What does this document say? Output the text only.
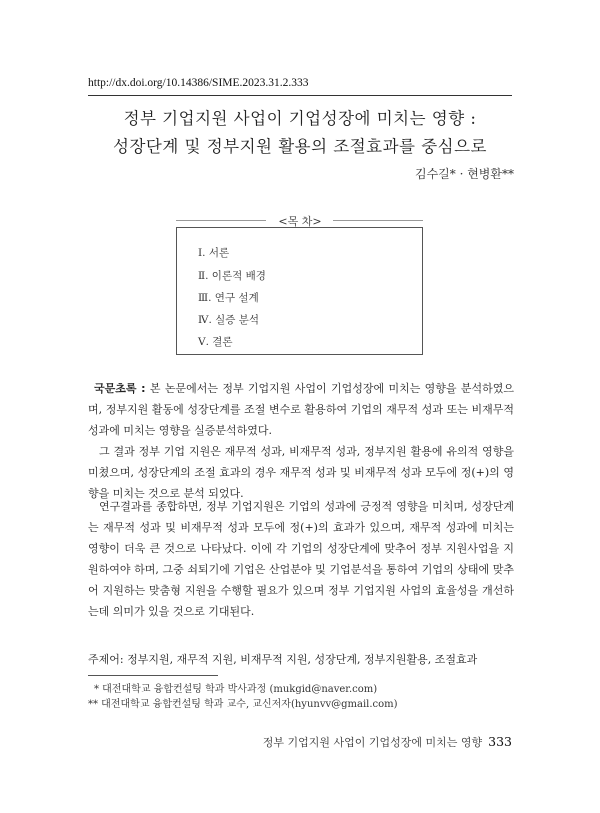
http://dx.doi.org/10.14386/SIME.2023.31.2.333
정부 기업지원 사업이 기업성장에 미치는 영향 :
성장단계 및 정부지원 활용의 조절효과를 중심으로
김수길* · 현병환**
<목 차>
Ⅰ. 서론
Ⅱ. 이론적 배경
Ⅲ. 연구 설계
Ⅳ. 실증 분석
Ⅴ. 결론
국문초록 : 본 논문에서는 정부 기업지원 사업이 기업성장에 미치는 영향을 분석하였으며, 정부지원 활동에 성장단계를 조절 변수로 활용하여 기업의 재무적 성과 또는 비재무적 성과에 미치는 영향을 실증분석하였다.
그 결과 정부 기업 지원은 재무적 성과, 비재무적 성과, 정부지원 활용에 유의적 영향을 미쳤으며, 성장단계의 조절 효과의 경우 재무적 성과 및 비재무적 성과 모두에 정(+)의 영향을 미치는 것으로 분석 되었다.
연구결과를 종합하면, 정부 기업지원은 기업의 성과에 긍정적 영향을 미치며, 성장단계는 재무적 성과 및 비재무적 성과 모두에 정(+)의 효과가 있으며, 재무적 성과에 미치는 영향이 더욱 큰 것으로 나타났다. 이에 각 기업의 성장단계에 맞추어 정부 지원사업을 지원하여야 하며, 그중 쇠퇴기에 기업은 산업분야 및 기업분석을 통하여 기업의 상태에 맞추어 지원하는 맞춤형 지원을 수행할 필요가 있으며 정부 기업지원 사업의 효율성을 개선하는데 의미가 있을 것으로 기대된다.
주제어: 정부지원, 재무적 지원, 비재무적 지원, 성장단계, 정부지원활용, 조절효과
* 대전대학교 융합컨설팅 학과 박사과정 (mukgid@naver.com)
** 대전대학교 융합컨설팅 학과 교수, 교신저자(hyunvv@gmail.com)
정부 기업지원 사업이 기업성장에 미치는 영향 333
